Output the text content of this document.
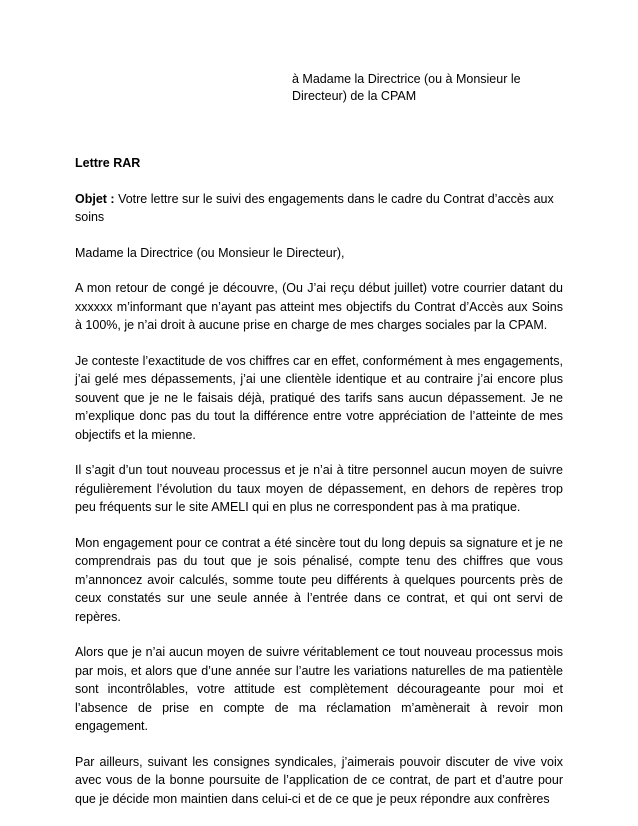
à Madame la Directrice (ou à Monsieur le Directeur) de la CPAM

Lettre RAR

Objet : Votre lettre sur le suivi des engagements dans le cadre du Contrat d’accès aux soins

Madame la Directrice (ou Monsieur le Directeur),

A mon retour de congé je découvre, (Ou J’ai reçu début juillet) votre courrier datant du xxxxxx m’informant que n’ayant pas atteint mes objectifs du Contrat d’Accès aux Soins à 100%, je n’ai droit à aucune prise en charge de mes charges sociales par la CPAM.

Je conteste l’exactitude de vos chiffres car en effet, conformément à mes engagements, j’ai gelé mes dépassements, j’ai une clientèle identique et au contraire j’ai encore plus souvent que je ne le faisais déjà, pratiqué des tarifs sans aucun dépassement. Je ne m’explique donc pas du tout la différence entre votre appréciation de l’atteinte de mes objectifs et la mienne.

Il s’agit d’un tout nouveau processus et je n’ai à titre personnel aucun moyen de suivre régulièrement l’évolution du taux moyen de dépassement, en dehors de repères trop peu fréquents sur le site AMELI qui en plus ne correspondent pas à ma pratique.

Mon engagement pour ce contrat a été sincère tout du long depuis sa signature et je ne comprendrais pas du tout que je sois pénalisé, compte tenu des chiffres que vous m’annoncez avoir calculés, somme toute peu différents à quelques pourcents près de ceux constatés sur une seule année à l’entrée dans ce contrat, et qui ont servi de repères.

Alors que je n’ai aucun moyen de suivre véritablement ce tout nouveau processus mois par mois, et alors que d’une année sur l’autre les variations naturelles de ma patientèle sont incontrôlables, votre attitude est complètement décourageante pour moi et l’absence de prise en compte de ma réclamation m’amènerait à revoir mon engagement.

Par ailleurs, suivant les consignes syndicales, j’aimerais pouvoir discuter de vive voix avec vous de la bonne poursuite de l’application de ce contrat, de part et d’autre pour que je décide mon maintien dans celui-ci et de ce que je peux répondre aux confrères
